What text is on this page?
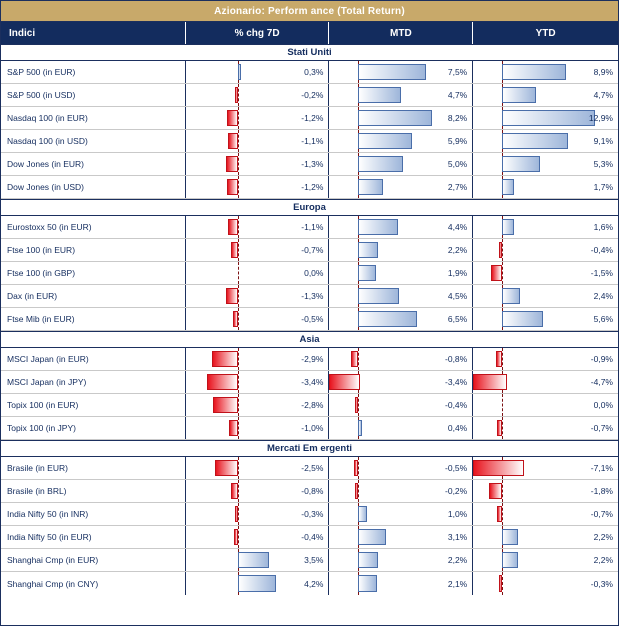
Azionario: Perform ance (Total Return)
Indici	% chg 7D	MTD	YTD
Stati Uniti
S&P 500 (in EUR)	0,3%	7,5%	8,9%
S&P 500 (in USD)	-0,2%	4,7%	4,7%
Nasdaq 100 (in EUR)	-1,2%	8,2%	12,9%
Nasdaq 100 (in USD)	-1,1%	5,9%	9,1%
Dow Jones (in EUR)	-1,3%	5,0%	5,3%
Dow Jones (in USD)	-1,2%	2,7%	1,7%
Europa
Eurostoxx 50 (in EUR)	-1,1%	4,4%	1,6%
Ftse 100 (in EUR)	-0,7%	2,2%	-0,4%
Ftse 100 (in GBP)	0,0%	1,9%	-1,5%
Dax (in EUR)	-1,3%	4,5%	2,4%
Ftse Mib (in EUR)	-0,5%	6,5%	5,6%
Asia
MSCI Japan (in EUR)	-2,9%	-0,8%	-0,9%
MSCI Japan (in JPY)	-3,4%	-3,4%	-4,7%
Topix 100 (in EUR)	-2,8%	-0,4%	0,0%
Topix 100 (in JPY)	-1,0%	0,4%	-0,7%
Mercati Em ergenti
Brasile (in EUR)	-2,5%	-0,5%	-7,1%
Brasile (in BRL)	-0,8%	-0,2%	-1,8%
India Nifty 50 (in INR)	-0,3%	1,0%	-0,7%
India Nifty 50 (in EUR)	-0,4%	3,1%	2,2%
Shanghai Cmp (in EUR)	3,5%	2,2%	2,2%
Shanghai Cmp (in CNY)	4,2%	2,1%	-0,3%
